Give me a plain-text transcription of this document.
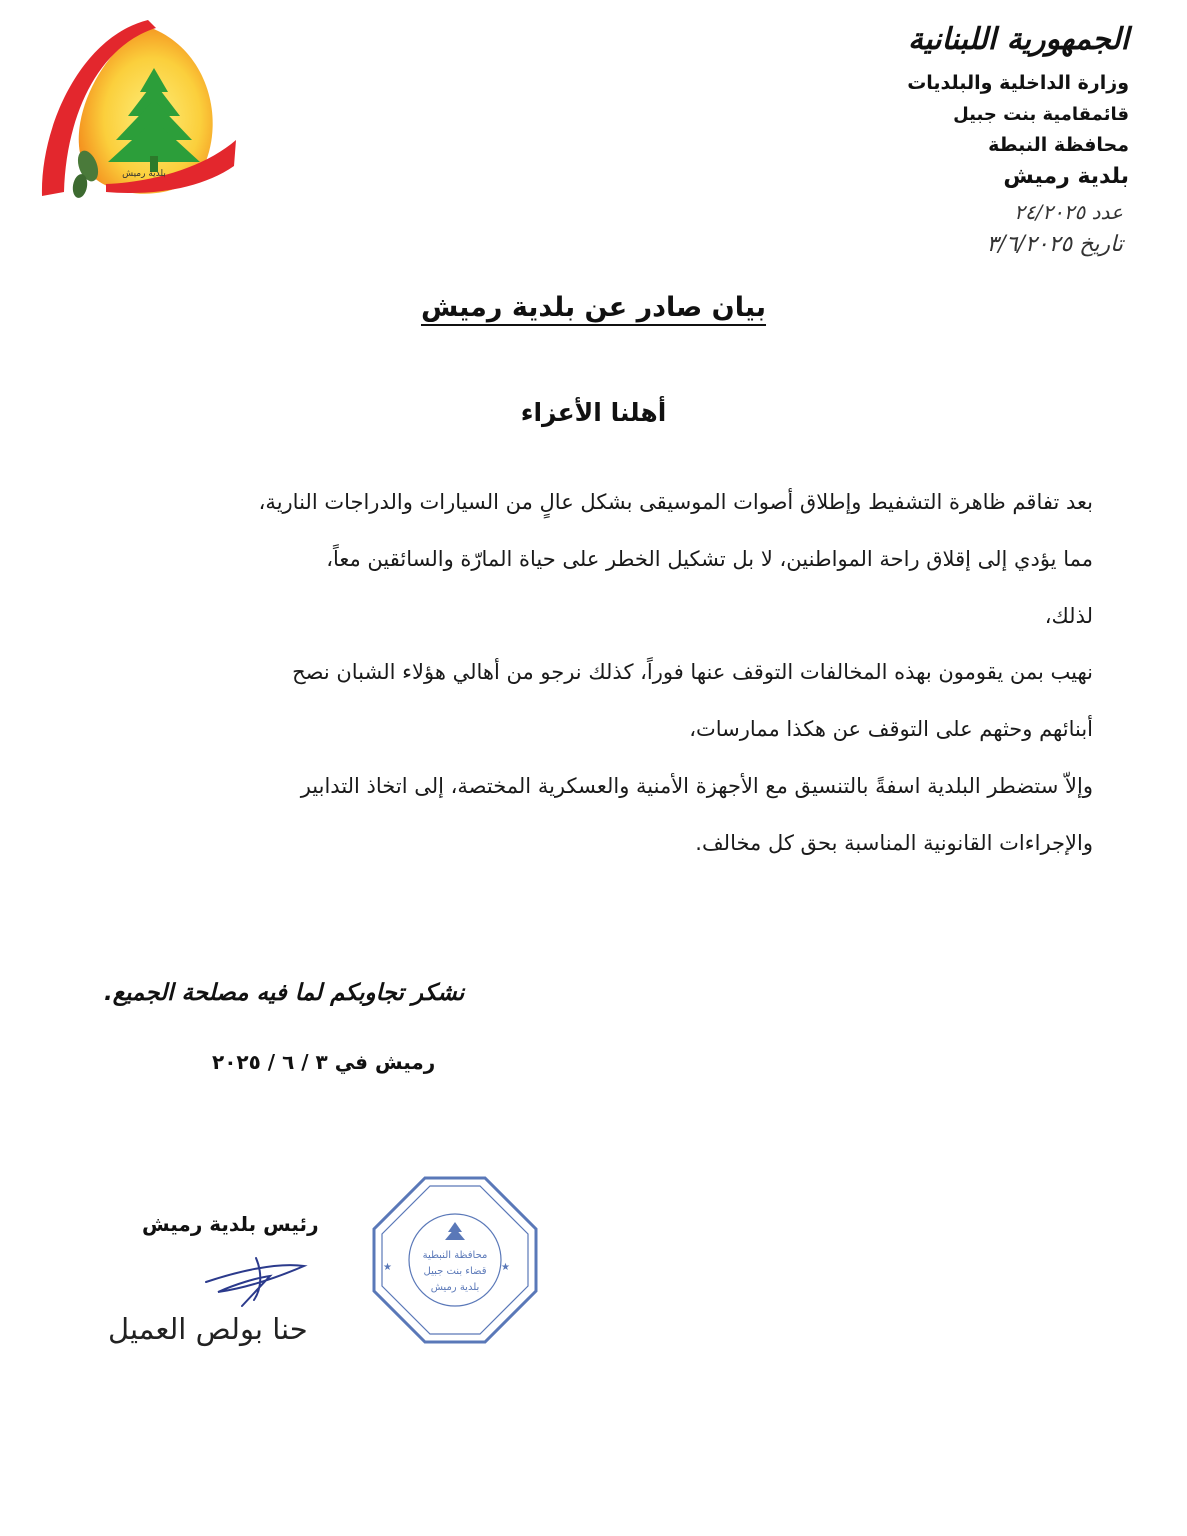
بلدية رميش
الجمهورية اللبنانية
وزارة الداخلية والبلديات
قائمقامية بنت جبيل
محافظة النبطة
بلدية رميش
عدد ٢٤/٢٠٢٥
تاريخ ٣/٦/٢٠٢٥
بيان صادر عن بلدية رميش
أهلنا الأعزاء
بعد تفاقم ظاهرة التشفيط وإطلاق أصوات الموسيقى بشكل عالٍ من السيارات والدراجات النارية،
مما يؤدي إلى إقلاق راحة المواطنين، لا بل تشكيل الخطر على حياة المارّة والسائقين معاً،
لذلك،
نهيب بمن يقومون بهذه المخالفات التوقف عنها فوراً، كذلك نرجو من أهالي هؤلاء الشبان نصح
أبنائهم وحثهم على التوقف عن هكذا ممارسات،
وإلاّ ستضطر البلدية اسفةً بالتنسيق مع الأجهزة الأمنية والعسكرية المختصة، إلى اتخاذ التدابير
والإجراءات القانونية المناسبة بحق كل مخالف.
نشكر تجاوبكم لما فيه مصلحة الجميع.
رميش في ٣ / ٦ / ٢٠٢٥
رئيس بلدية رميش
حنا بولص العميل
محافظة النبطية
قضاء بنت جبيل
بلدية رميش
★	★
